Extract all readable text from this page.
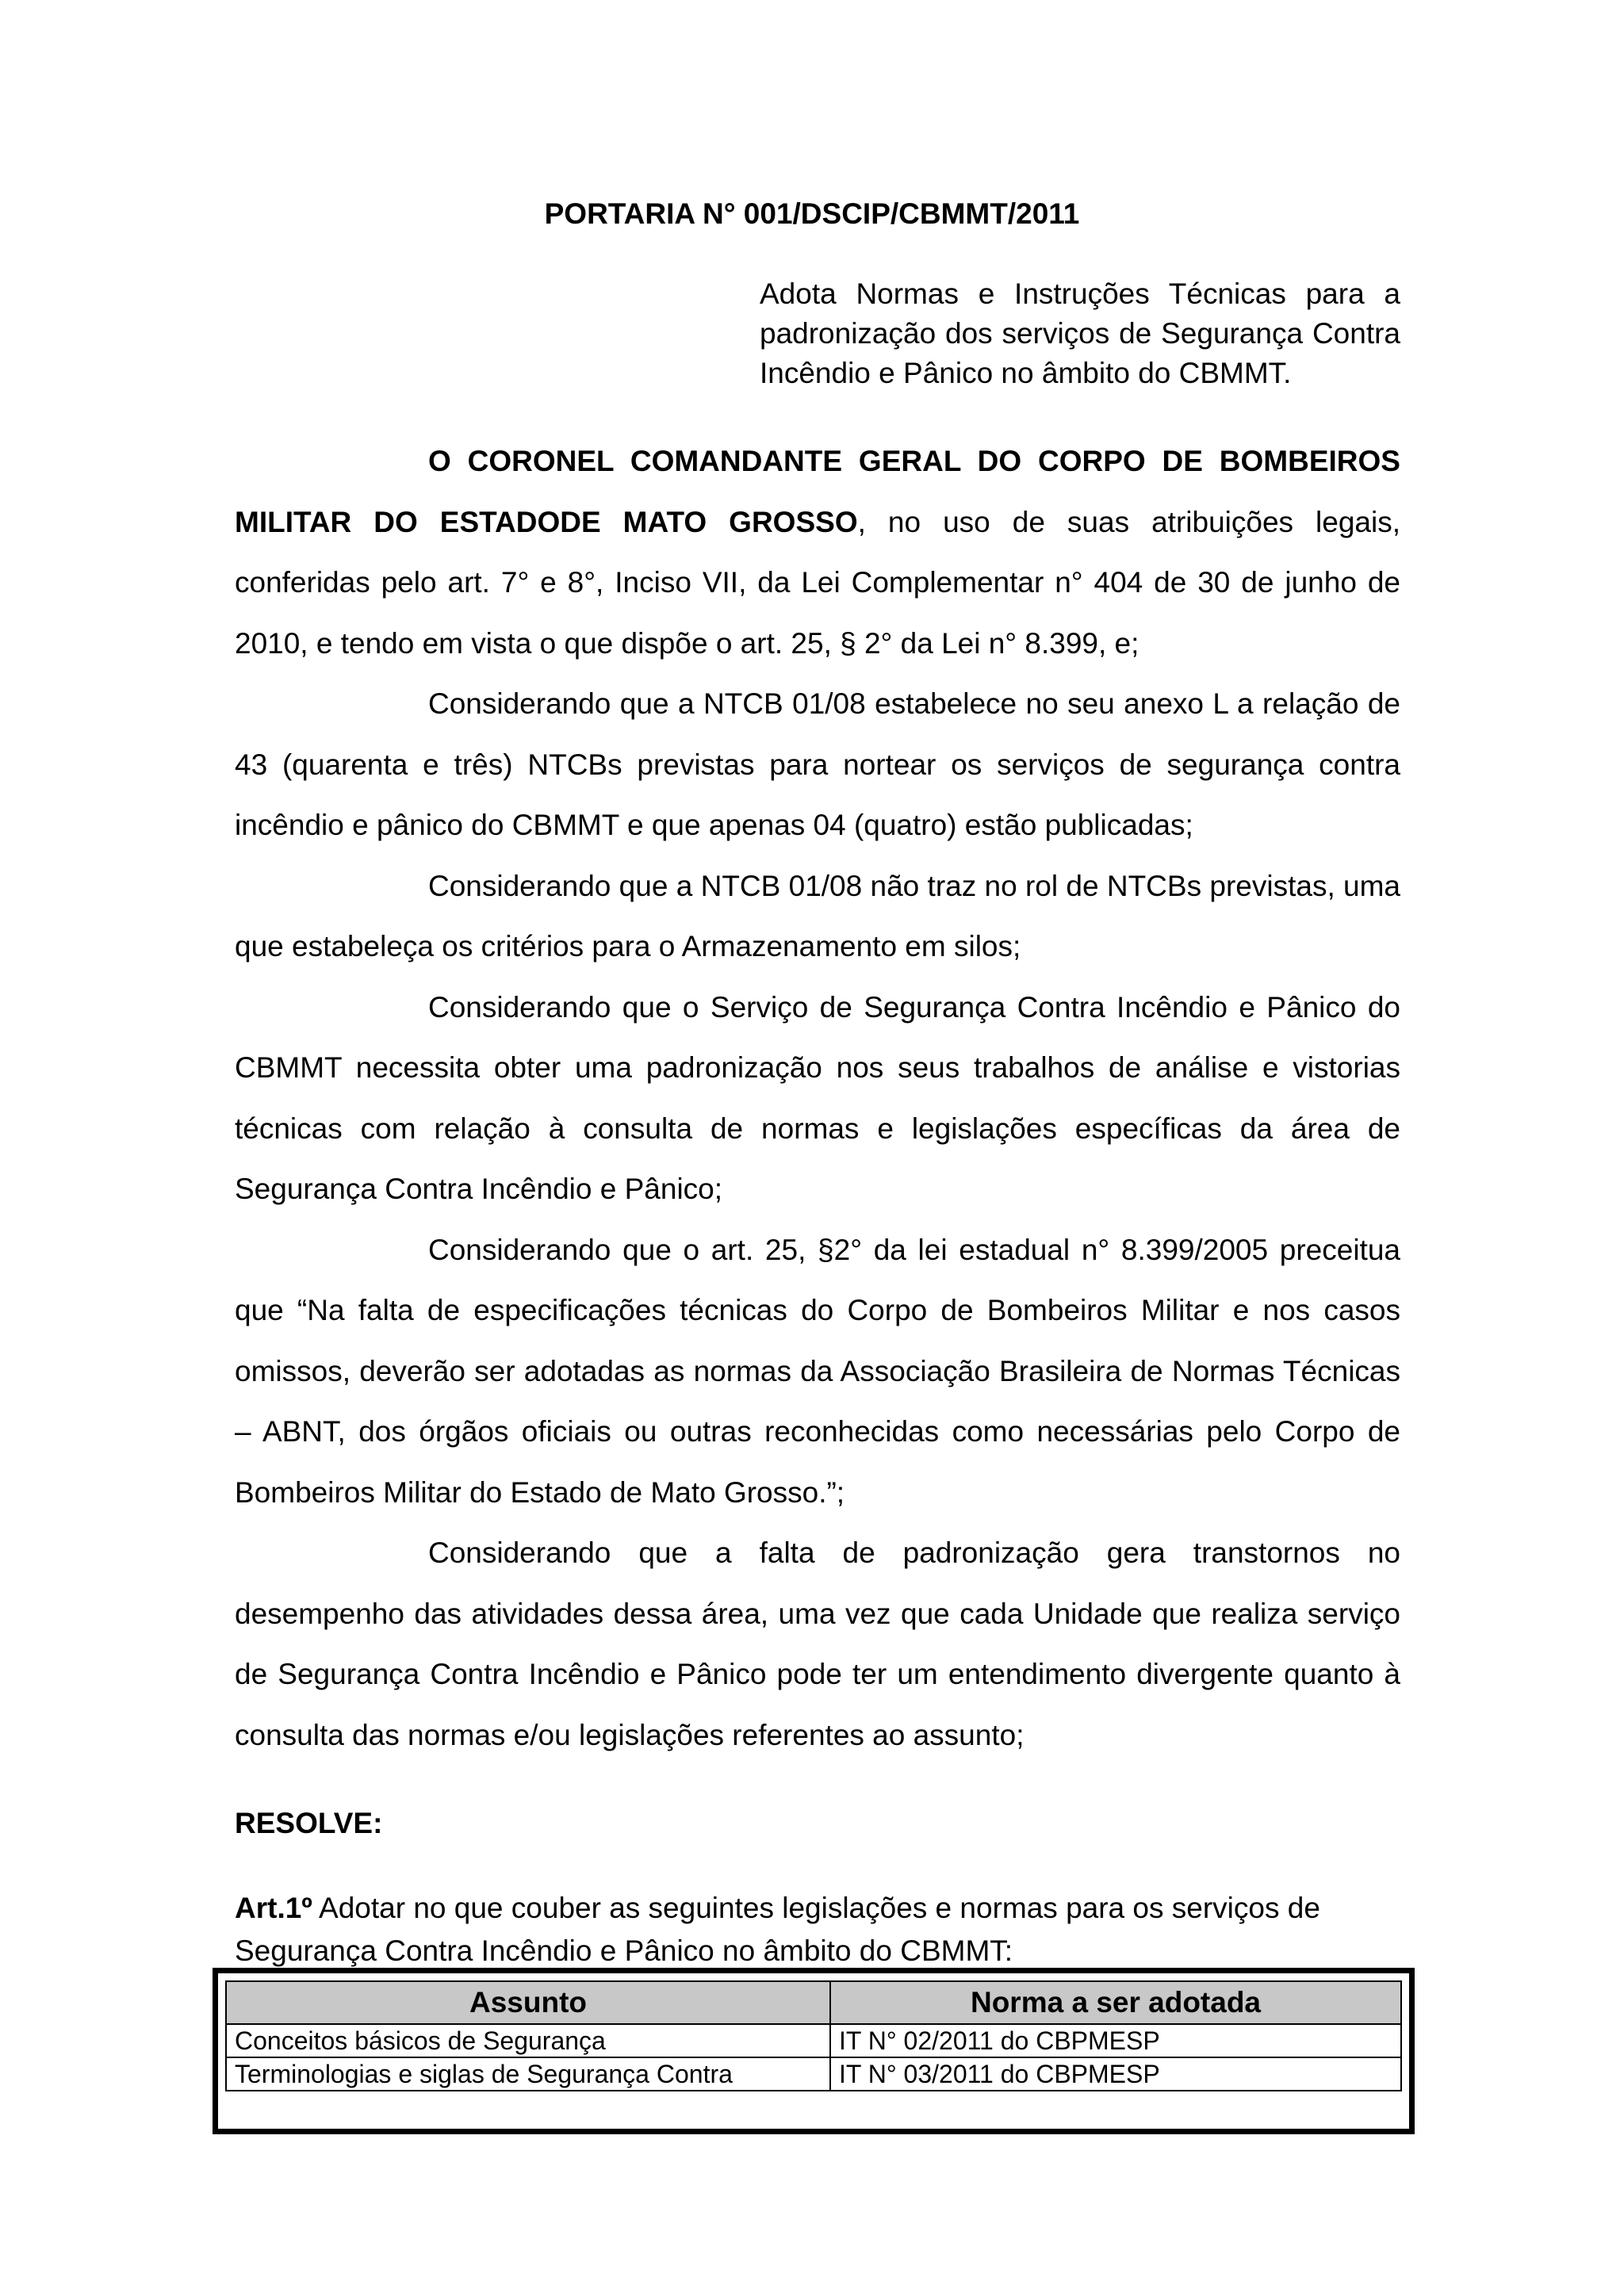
PORTARIA N° 001/DSCIP/CBMMT/2011
Adota Normas e Instruções Técnicas para a padronização dos serviços de Segurança Contra Incêndio e Pânico no âmbito do CBMMT.

O CORONEL COMANDANTE GERAL DO CORPO DE BOMBEIROS MILITAR DO ESTADODE MATO GROSSO, no uso de suas atribuições legais, conferidas pelo art. 7° e 8°, Inciso VII, da Lei Complementar n° 404 de 30 de junho de 2010, e tendo em vista o que dispõe o art. 25, § 2° da Lei n° 8.399, e;

Considerando que a NTCB 01/08 estabelece no seu anexo L a relação de 43 (quarenta e três) NTCBs previstas para nortear os serviços de segurança contra incêndio e pânico do CBMMT e que apenas 04 (quatro) estão publicadas;

Considerando que a NTCB 01/08 não traz no rol de NTCBs previstas, uma que estabeleça os critérios para o Armazenamento em silos;

Considerando que o Serviço de Segurança Contra Incêndio e Pânico do CBMMT necessita obter uma padronização nos seus trabalhos de análise e vistorias técnicas com relação à consulta de normas e legislações específicas da área de Segurança Contra Incêndio e Pânico;

Considerando que o art. 25, §2° da lei estadual n° 8.399/2005 preceitua que “Na falta de especificações técnicas do Corpo de Bombeiros Militar e nos casos omissos, deverão ser adotadas as normas da Associação Brasileira de Normas Técnicas – ABNT, dos órgãos oficiais ou outras reconhecidas como necessárias pelo Corpo de Bombeiros Militar do Estado de Mato Grosso.”;

Considerando que a falta de padronização gera transtornos no desempenho das atividades dessa área, uma vez que cada Unidade que realiza serviço de Segurança Contra Incêndio e Pânico pode ter um entendimento divergente quanto à consulta das normas e/ou legislações referentes ao assunto;

RESOLVE:

Art.1º Adotar no que couber as seguintes legislações e normas para os serviços de Segurança Contra Incêndio e Pânico no âmbito do CBMMT:

Assunto	Norma a ser adotada
Conceitos básicos de Segurança	IT N° 02/2011 do CBPMESP
Terminologias e siglas de Segurança Contra	IT N° 03/2011 do CBPMESP
